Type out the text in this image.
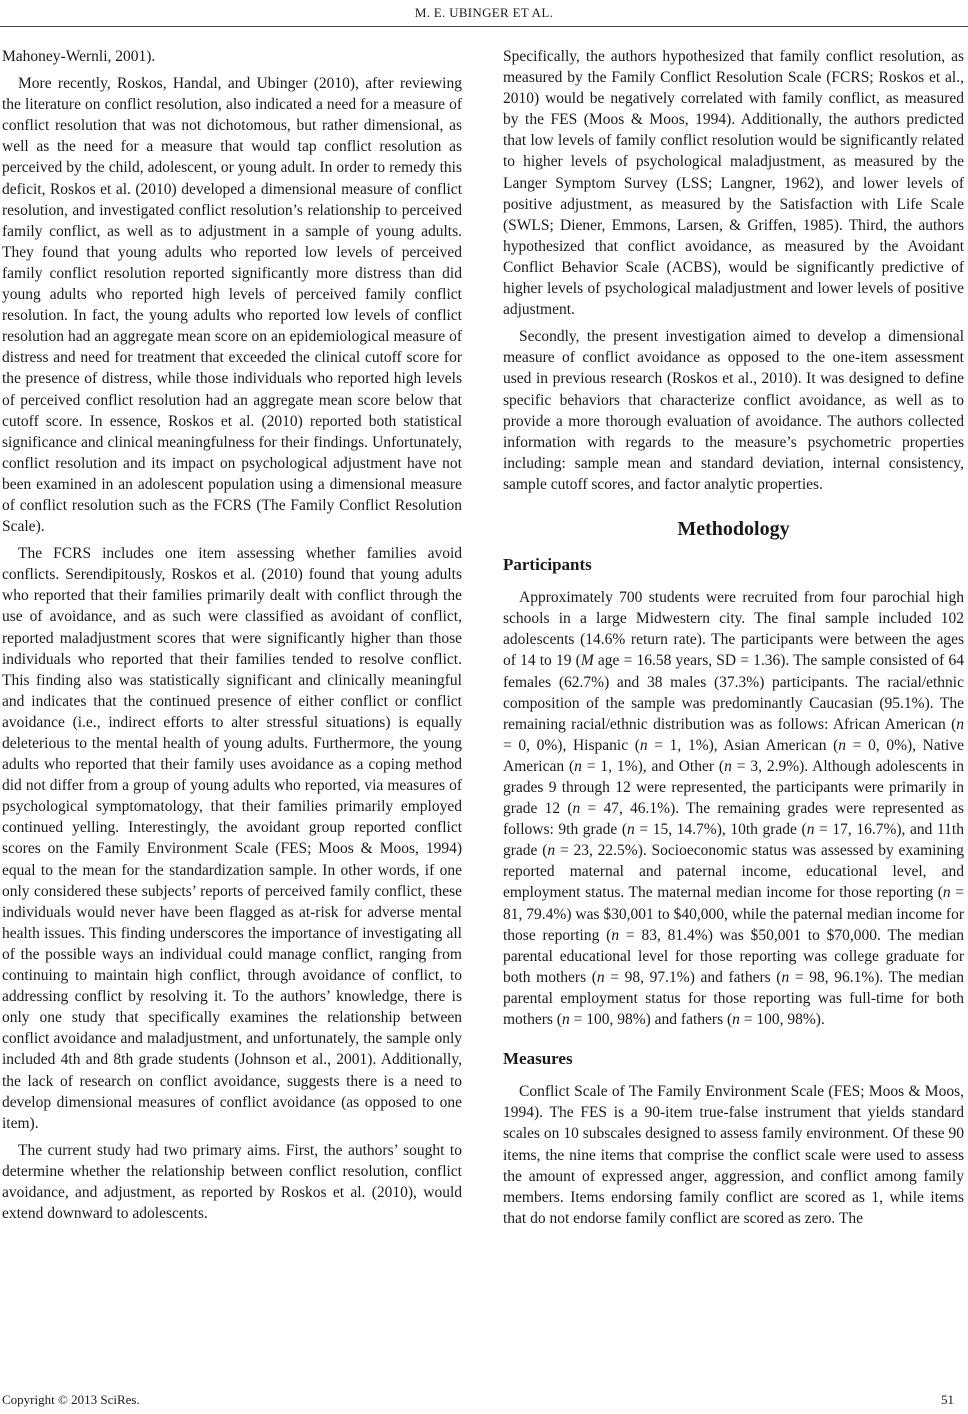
M. E. UBINGER ET AL.

Mahoney-Wernli, 2001).

More recently, Roskos, Handal, and Ubinger (2010), after reviewing the literature on conflict resolution, also indicated a need for a measure of conflict resolution that was not dichotomous, but rather dimensional, as well as the need for a measure that would tap conflict resolution as perceived by the child, adolescent, or young adult. In order to remedy this deficit, Roskos et al. (2010) developed a dimensional measure of conflict resolution, and investigated conflict resolution’s relationship to perceived family conflict, as well as to adjustment in a sample of young adults. They found that young adults who reported low levels of perceived family conflict resolution reported significantly more distress than did young adults who reported high levels of perceived family conflict resolution. In fact, the young adults who reported low levels of conflict resolution had an aggregate mean score on an epidemiological measure of distress and need for treatment that exceeded the clinical cutoff score for the presence of distress, while those individuals who reported high levels of perceived conflict resolution had an aggregate mean score below that cutoff score. In essence, Roskos et al. (2010) reported both statistical significance and clinical meaningfulness for their findings. Unfortunately, conflict resolution and its impact on psychological adjustment have not been examined in an adolescent population using a dimensional measure of conflict resolution such as the FCRS (The Family Conflict Resolution Scale).

The FCRS includes one item assessing whether families avoid conflicts. Serendipitously, Roskos et al. (2010) found that young adults who reported that their families primarily dealt with conflict through the use of avoidance, and as such were classified as avoidant of conflict, reported maladjustment scores that were significantly higher than those individuals who reported that their families tended to resolve conflict. This finding also was statistically significant and clinically meaningful and indicates that the continued presence of either conflict or conflict avoidance (i.e., indirect efforts to alter stressful situations) is equally deleterious to the mental health of young adults. Furthermore, the young adults who reported that their family uses avoidance as a coping method did not differ from a group of young adults who reported, via measures of psychological symptomatology, that their families primarily employed continued yelling. Interestingly, the avoidant group reported conflict scores on the Family Environment Scale (FES; Moos & Moos, 1994) equal to the mean for the standardization sample. In other words, if one only considered these subjects’ reports of perceived family conflict, these individuals would never have been flagged as at-risk for adverse mental health issues. This finding underscores the importance of investigating all of the possible ways an individual could manage conflict, ranging from continuing to maintain high conflict, through avoidance of conflict, to addressing conflict by resolving it. To the authors’ knowledge, there is only one study that specifically examines the relationship between conflict avoidance and maladjustment, and unfortunately, the sample only included 4th and 8th grade students (Johnson et al., 2001). Additionally, the lack of research on conflict avoidance, suggests there is a need to develop dimensional measures of conflict avoidance (as opposed to one item).

The current study had two primary aims. First, the authors’ sought to determine whether the relationship between conflict resolution, conflict avoidance, and adjustment, as reported by Roskos et al. (2010), would extend downward to adolescents.

Specifically, the authors hypothesized that family conflict resolution, as measured by the Family Conflict Resolution Scale (FCRS; Roskos et al., 2010) would be negatively correlated with family conflict, as measured by the FES (Moos & Moos, 1994). Additionally, the authors predicted that low levels of family conflict resolution would be significantly related to higher levels of psychological maladjustment, as measured by the Langer Symptom Survey (LSS; Langner, 1962), and lower levels of positive adjustment, as measured by the Satisfaction with Life Scale (SWLS; Diener, Emmons, Larsen, & Griffen, 1985). Third, the authors hypothesized that conflict avoidance, as measured by the Avoidant Conflict Behavior Scale (ACBS), would be significantly predictive of higher levels of psychological maladjustment and lower levels of positive adjustment.

Secondly, the present investigation aimed to develop a dimensional measure of conflict avoidance as opposed to the one-item assessment used in previous research (Roskos et al., 2010). It was designed to define specific behaviors that characterize conflict avoidance, as well as to provide a more thorough evaluation of avoidance. The authors collected information with regards to the measure’s psychometric properties including: sample mean and standard deviation, internal consistency, sample cutoff scores, and factor analytic properties.

Methodology
Participants

Approximately 700 students were recruited from four parochial high schools in a large Midwestern city. The final sample included 102 adolescents (14.6% return rate). The participants were between the ages of 14 to 19 (M age = 16.58 years, SD = 1.36). The sample consisted of 64 females (62.7%) and 38 males (37.3%) participants. The racial/ethnic composition of the sample was predominantly Caucasian (95.1%). The remaining racial/ethnic distribution was as follows: African American (n = 0, 0%), Hispanic (n = 1, 1%), Asian American (n = 0, 0%), Native American (n = 1, 1%), and Other (n = 3, 2.9%). Although adolescents in grades 9 through 12 were represented, the participants were primarily in grade 12 (n = 47, 46.1%). The remaining grades were represented as follows: 9th grade (n = 15, 14.7%), 10th grade (n = 17, 16.7%), and 11th grade (n = 23, 22.5%). Socioeconomic status was assessed by examining reported maternal and paternal income, educational level, and employment status. The maternal median income for those reporting (n = 81, 79.4%) was $30,001 to $40,000, while the paternal median income for those reporting (n = 83, 81.4%) was $50,001 to $70,000. The median parental educational level for those reporting was college graduate for both mothers (n = 98, 97.1%) and fathers (n = 98, 96.1%). The median parental employment status for those reporting was full-time for both mothers (n = 100, 98%) and fathers (n = 100, 98%).

Measures

Conflict Scale of The Family Environment Scale (FES; Moos & Moos, 1994). The FES is a 90-item true-false instrument that yields standard scales on 10 subscales designed to assess family environment. Of these 90 items, the nine items that comprise the conflict scale were used to assess the amount of expressed anger, aggression, and conflict among family members. Items endorsing family conflict are scored as 1, while items that do not endorse family conflict are scored as zero. The

Copyright © 2013 SciRes.	51
